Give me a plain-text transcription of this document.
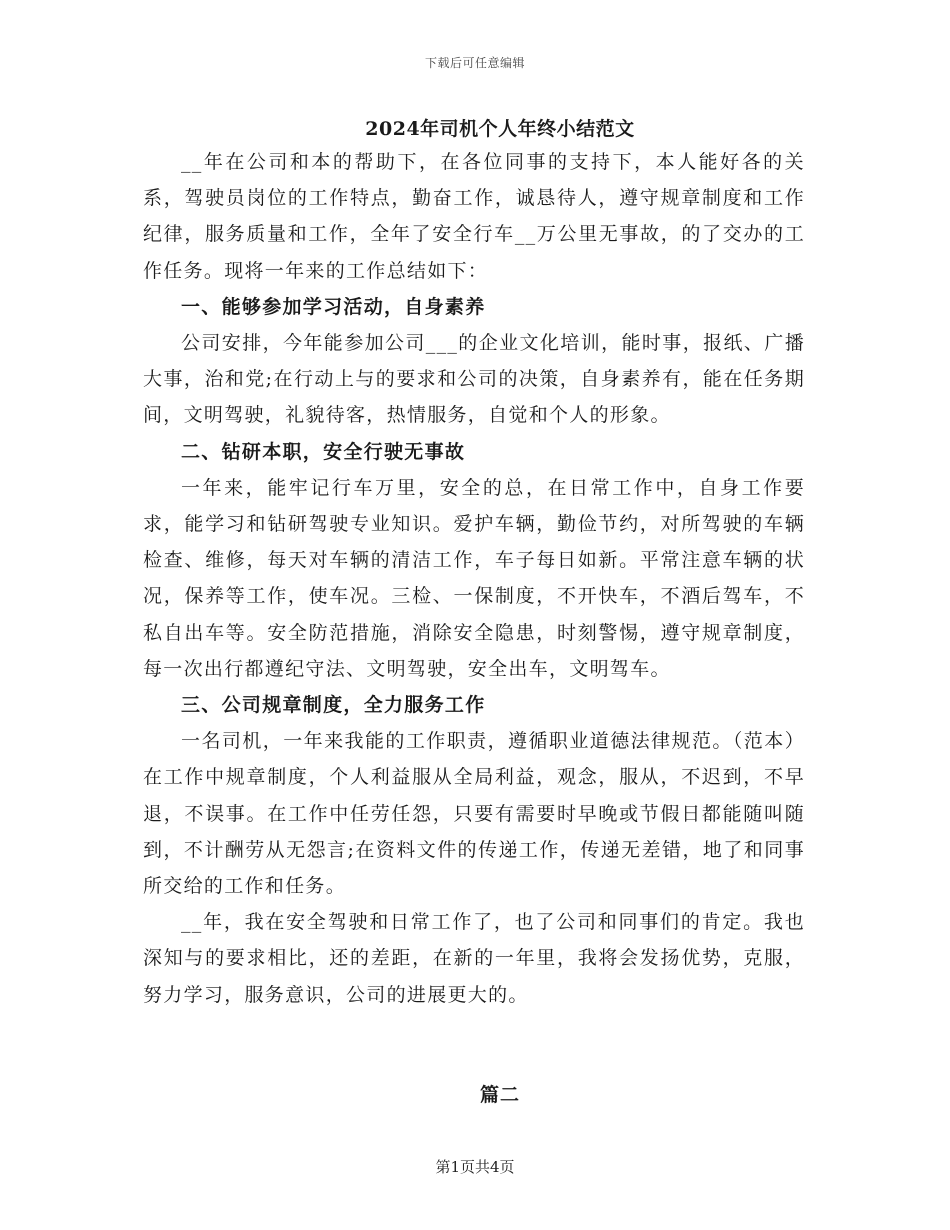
下载后可任意编辑
2024年司机个人年终小结范文

__年在公司和本的帮助下，在各位同事的支持下，本人能好各的关系，驾驶员岗位的工作特点，勤奋工作，诚恳待人，遵守规章制度和工作纪律，服务质量和工作，全年了安全行车__万公里无事故，的了交办的工作任务。现将一年来的工作总结如下：

一、能够参加学习活动，自身素养

公司安排，今年能参加公司___的企业文化培训，能时事，报纸、广播大事，治和党;在行动上与的要求和公司的决策，自身素养有，能在任务期间，文明驾驶，礼貌待客，热情服务，自觉和个人的形象。

二、钻研本职，安全行驶无事故

一年来，能牢记行车万里，安全的总，在日常工作中，自身工作要求，能学习和钻研驾驶专业知识。爱护车辆，勤俭节约，对所驾驶的车辆检查、维修，每天对车辆的清洁工作，车子每日如新。平常注意车辆的状况，保养等工作，使车况。三检、一保制度，不开快车，不酒后驾车，不私自出车等。安全防范措施，消除安全隐患，时刻警惕，遵守规章制度，每一次出行都遵纪守法、文明驾驶，安全出车，文明驾车。

三、公司规章制度，全力服务工作

一名司机，一年来我能的工作职责，遵循职业道德法律规范。（范本）在工作中规章制度，个人利益服从全局利益，观念，服从，不迟到，不早退，不误事。在工作中任劳任怨，只要有需要时早晚或节假日都能随叫随到，不计酬劳从无怨言;在资料文件的传递工作，传递无差错，地了和同事所交给的工作和任务。

__年，我在安全驾驶和日常工作了，也了公司和同事们的肯定。我也深知与的要求相比，还的差距，在新的一年里，我将会发扬优势，克服，努力学习，服务意识，公司的进展更大的。

篇二
第1页共4页
